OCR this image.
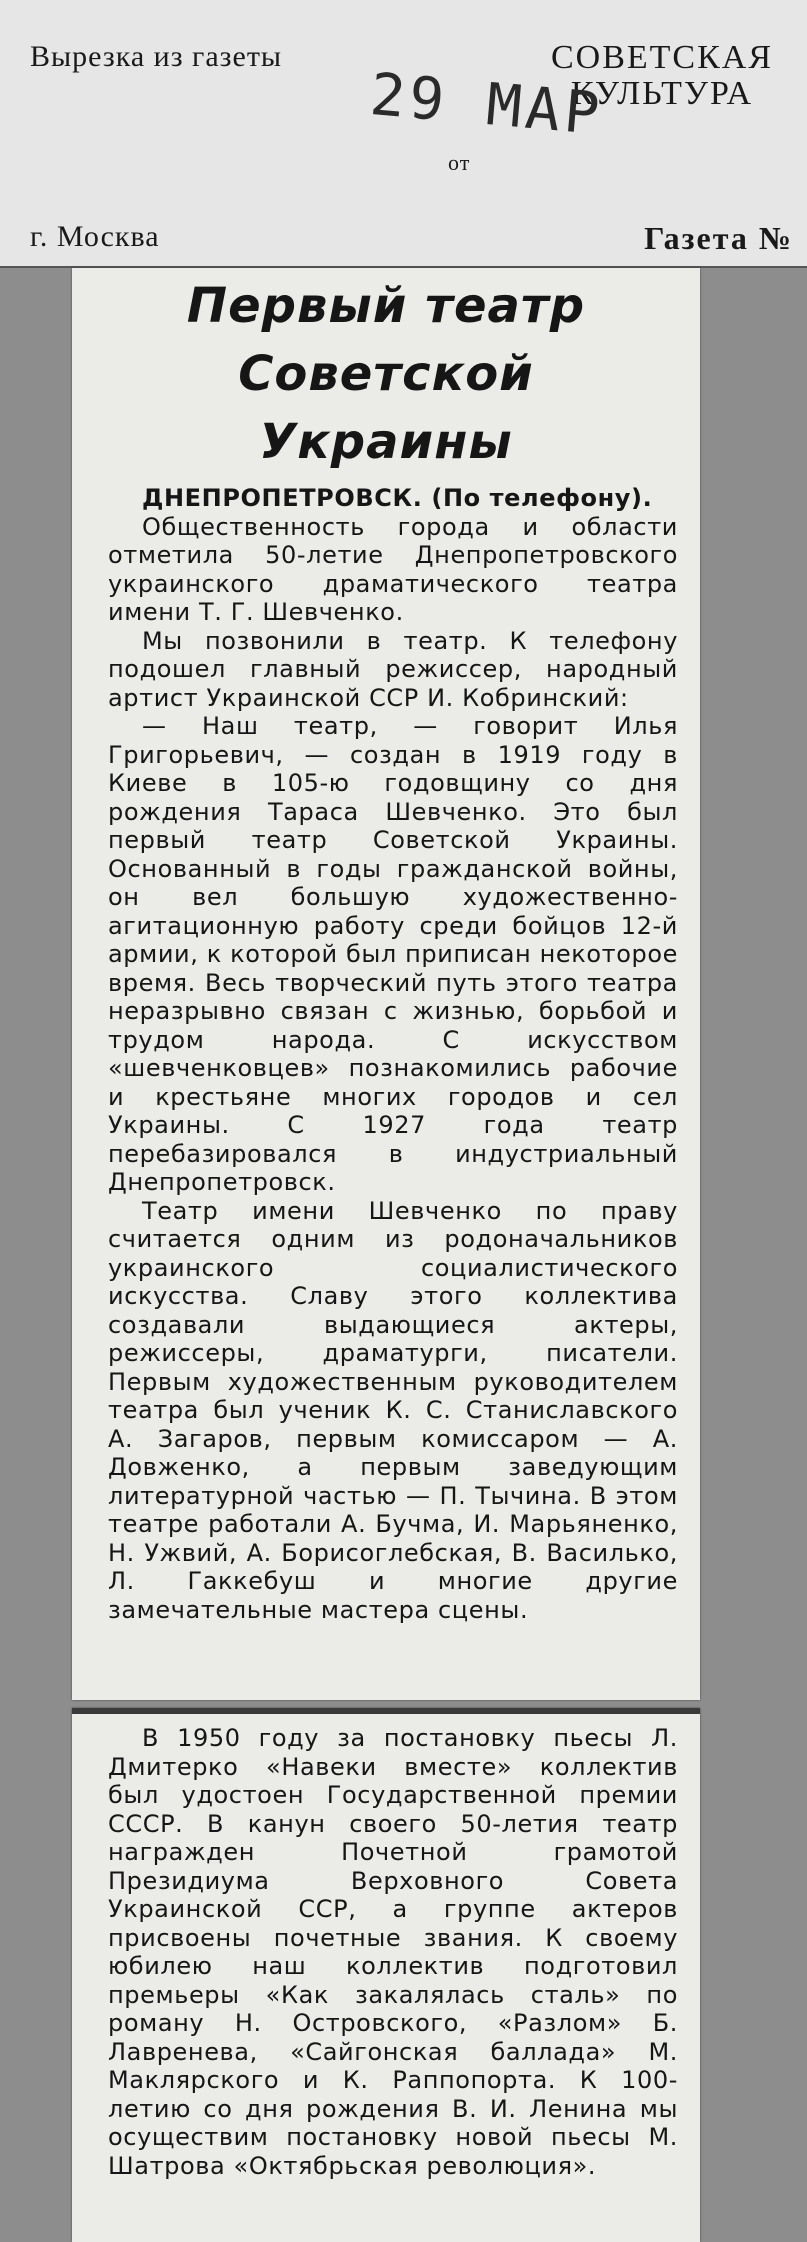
Вырезка из газеты	СОВЕТСКАЯ КУЛЬТУРА
29 МАР
от
г. Москва	Газета №
Первый театр
Советской Украины

ДНЕПРОПЕТРОВСК. (По телефону).

Общественность города и области отметила 50-летие Днепропетровского украинского драматического театра имени Т. Г. Шевченко.

Мы позвонили в театр. К телефону подошел главный режиссер, народный артист Украинской ССР И. Кобринский:

— Наш театр, — говорит Илья Григорьевич, — создан в 1919 году в Киеве в 105-ю годовщину со дня рождения Тараса Шевченко. Это был первый театр Советской Украины. Основанный в годы гражданской войны, он вел большую художественно-агитационную работу среди бойцов 12-й армии, к которой был приписан некоторое время. Весь творческий путь этого театра неразрывно связан с жизнью, борьбой и трудом народа. С искусством «шевченковцев» познакомились рабочие и крестьяне многих городов и сел Украины. С 1927 года театр перебазировался в индустриальный Днепропетровск.

Театр имени Шевченко по праву считается одним из родоначальников украинского социалистического искусства. Славу этого коллектива создавали выдающиеся актеры, режиссеры, драматурги, писатели. Первым художественным руководителем театра был ученик К. С. Станиславского А. Загаров, первым комиссаром — А. Довженко, а первым заведующим литературной частью — П. Тычина. В этом театре работали А. Бучма, И. Марьяненко, Н. Ужвий, А. Борисоглебская, В. Василько, Л. Гаккебуш и многие другие замечательные мастера сцены.

В 1950 году за постановку пьесы Л. Дмитерко «Навеки вместе» коллектив был удостоен Государственной премии СССР. В канун своего 50-летия театр награжден Почетной грамотой Президиума Верховного Совета Украинской ССР, а группе актеров присвоены почетные звания. К своему юбилею наш коллектив подготовил премьеры «Как закалялась сталь» по роману Н. Островского, «Разлом» Б. Лавренева, «Сайгонская баллада» М. Маклярского и К. Раппопорта. К 100-летию со дня рождения В. И. Ленина мы осуществим постановку новой пьесы М. Шатрова «Октябрьская революция».
